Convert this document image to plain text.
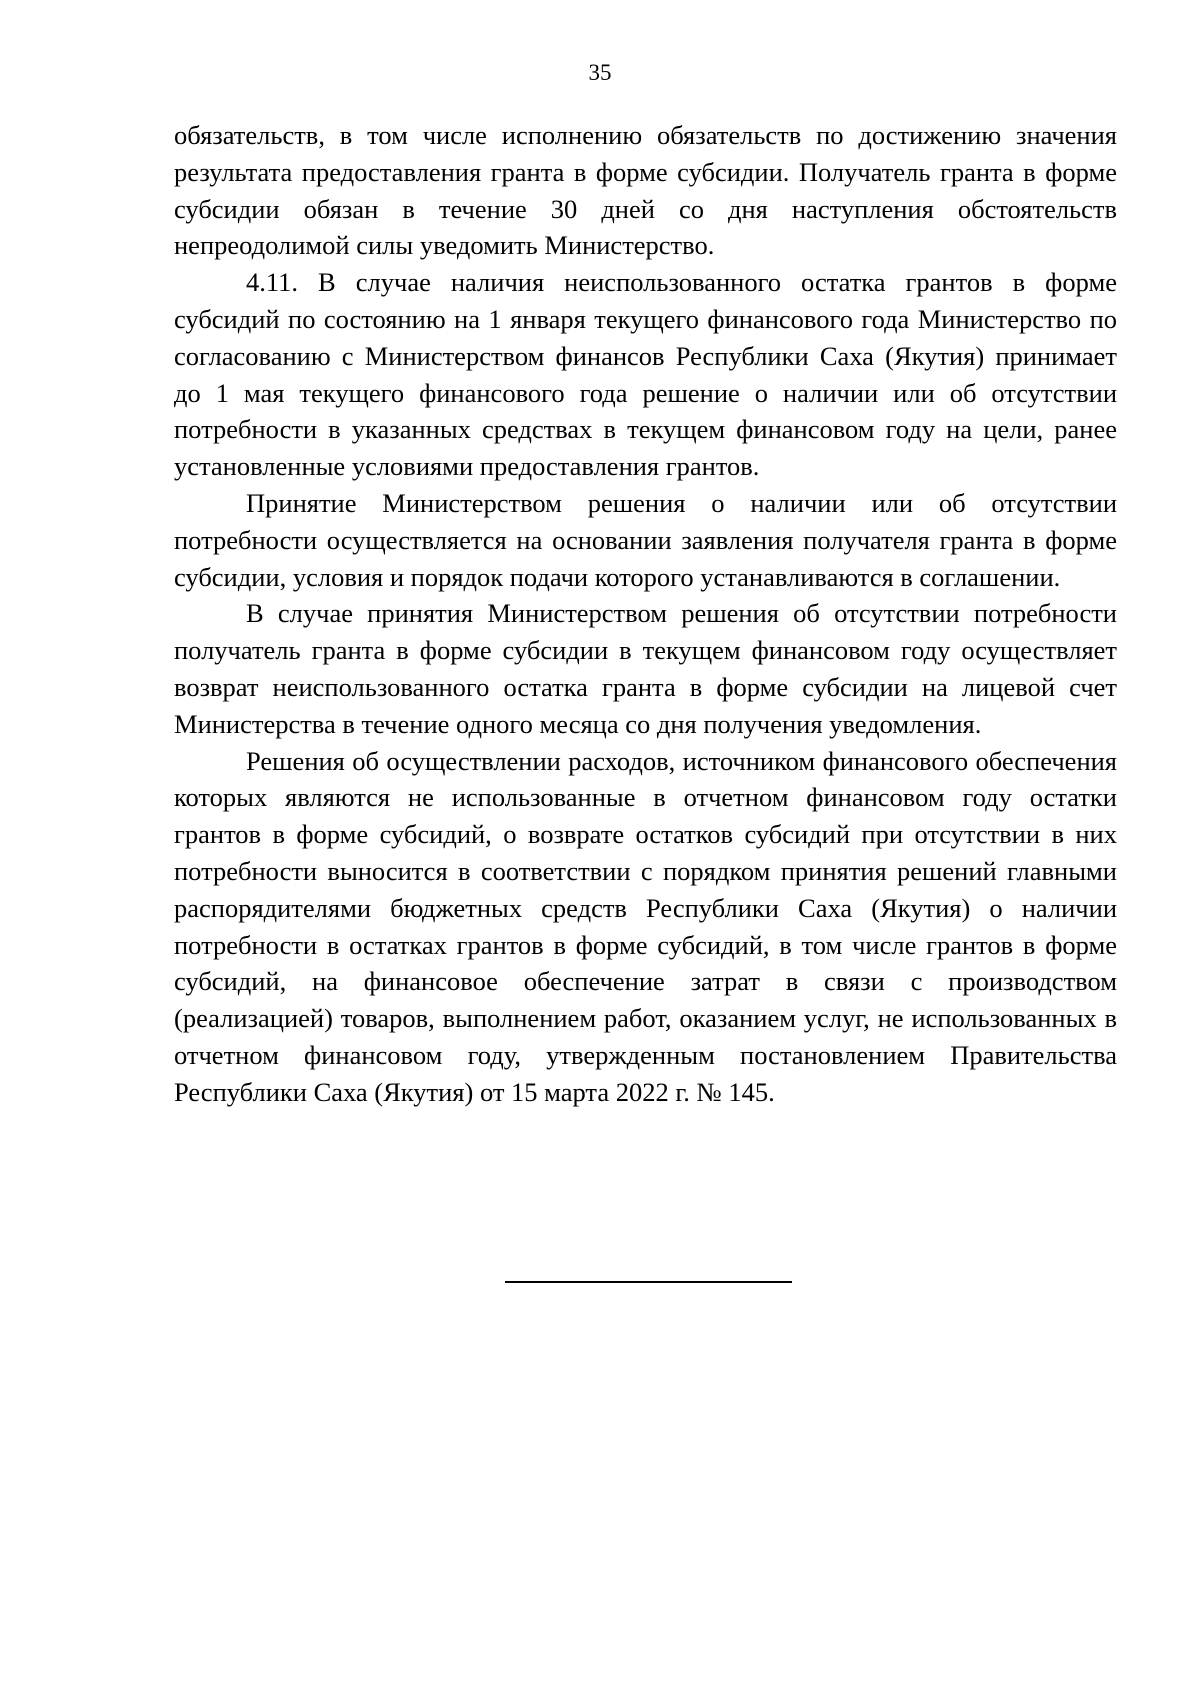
35

обязательств, в том числе исполнению обязательств по достижению значения результата предоставления гранта в форме субсидии. Получатель гранта в форме субсидии обязан в течение 30 дней со дня наступления обстоятельств непреодолимой силы уведомить Министерство.

4.11. В случае наличия неиспользованного остатка грантов в форме субсидий по состоянию на 1 января текущего финансового года Министерство по согласованию с Министерством финансов Республики Саха (Якутия) принимает до 1 мая текущего финансового года решение о наличии или об отсутствии потребности в указанных средствах в текущем финансовом году на цели, ранее установленные условиями предоставления грантов.

Принятие Министерством решения о наличии или об отсутствии потребности осуществляется на основании заявления получателя гранта в форме субсидии, условия и порядок подачи которого устанавливаются в соглашении.

В случае принятия Министерством решения об отсутствии потребности получатель гранта в форме субсидии в текущем финансовом году осуществляет возврат неиспользованного остатка гранта в форме субсидии на лицевой счет Министерства в течение одного месяца со дня получения уведомления.

Решения об осуществлении расходов, источником финансового обеспечения которых являются не использованные в отчетном финансовом году остатки грантов в форме субсидий, о возврате остатков субсидий при отсутствии в них потребности выносится в соответствии с порядком принятия решений главными распорядителями бюджетных средств Республики Саха (Якутия) о наличии потребности в остатках грантов в форме субсидий, в том числе грантов в форме субсидий, на финансовое обеспечение затрат в связи с производством (реализацией) товаров, выполнением работ, оказанием услуг, не использованных в отчетном финансовом году, утвержденным постановлением Правительства Республики Саха (Якутия) от 15 марта 2022 г. № 145.
